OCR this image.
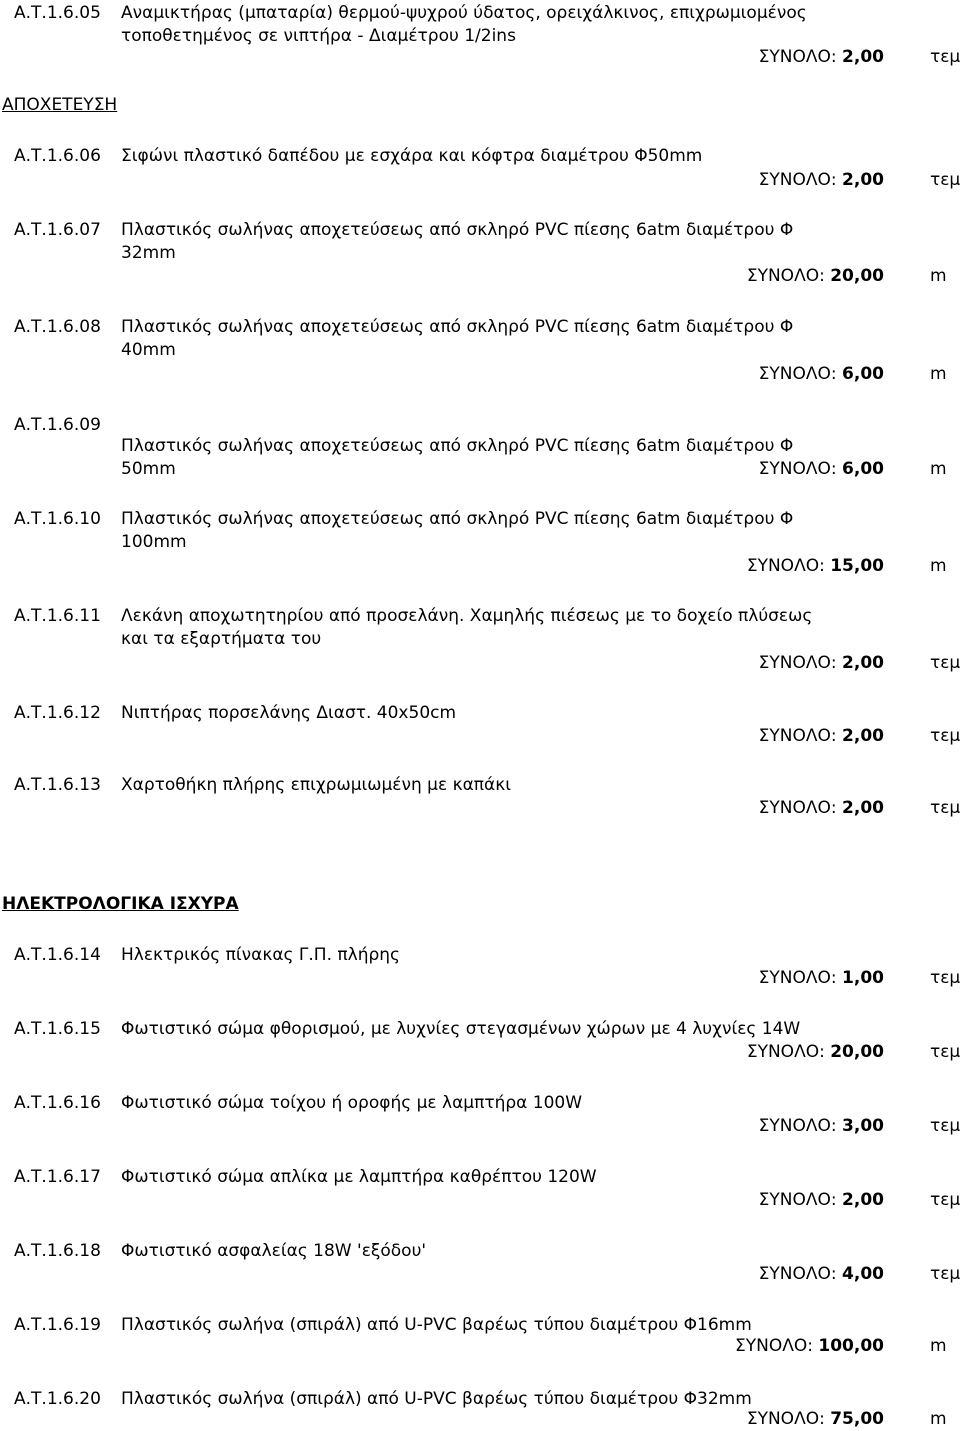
ΑΠΟΧΕΤΕΥΣΗ
ΗΛΕΚΤΡΟΛΟΓΙΚΑ ΙΣΧΥΡΑ
Α.Τ.1.6.05 Αναμικτήρας (μπαταρία) θερμού-ψυχρού ύδατος, ορειχάλκινος, επιχρωμιομένος τοποθετημένος σε νιπτήρα - Διαμέτρου 1/2ins
ΣΥΝΟΛΟ: 2,00	τεμ
Α.Τ.1.6.06 Σιφώνι πλαστικό δαπέδου με εσχάρα και κόφτρα διαμέτρου Φ50mm
ΣΥΝΟΛΟ: 2,00	τεμ
Α.Τ.1.6.07 Πλαστικός σωλήνας αποχετεύσεως από σκληρό PVC πίεσης 6atm διαμέτρου Φ 32mm
ΣΥΝΟΛΟ: 20,00	m
Α.Τ.1.6.08 Πλαστικός σωλήνας αποχετεύσεως από σκληρό PVC πίεσης 6atm διαμέτρου Φ 40mm
ΣΥΝΟΛΟ: 6,00	m
Α.Τ.1.6.09
Πλαστικός σωλήνας αποχετεύσεως από σκληρό PVC πίεσης 6atm διαμέτρου Φ 50mm	ΣΥΝΟΛΟ: 6,00	m
Α.Τ.1.6.10 Πλαστικός σωλήνας αποχετεύσεως από σκληρό PVC πίεσης 6atm διαμέτρου Φ 100mm
ΣΥΝΟΛΟ: 15,00	m
Α.Τ.1.6.11 Λεκάνη αποχωτητηρίου από προσελάνη. Χαμηλής πιέσεως με το δοχείο πλύσεως και τα εξαρτήματα του
ΣΥΝΟΛΟ: 2,00	τεμ
Α.Τ.1.6.12 Νιπτήρας πορσελάνης Διαστ. 40x50cm
ΣΥΝΟΛΟ: 2,00	τεμ
Α.Τ.1.6.13 Χαρτοθήκη πλήρης επιχρωμιωμένη με καπάκι
ΣΥΝΟΛΟ: 2,00	τεμ
Α.Τ.1.6.14 Ηλεκτρικός πίνακας Γ.Π. πλήρης
ΣΥΝΟΛΟ: 1,00	τεμ
Α.Τ.1.6.15 Φωτιστικό σώμα φθορισμού, με λυχνίες στεγασμένων χώρων με 4 λυχνίες 14W
ΣΥΝΟΛΟ: 20,00	τεμ
Α.Τ.1.6.16 Φωτιστικό σώμα τοίχου ή οροφής με λαμπτήρα 100W
ΣΥΝΟΛΟ: 3,00	τεμ
Α.Τ.1.6.17 Φωτιστικό σώμα απλίκα με λαμπτήρα καθρέπτου 120W
ΣΥΝΟΛΟ: 2,00	τεμ
Α.Τ.1.6.18 Φωτιστικό ασφαλείας 18W 'εξόδου'
ΣΥΝΟΛΟ: 4,00	τεμ
Α.Τ.1.6.19 Πλαστικός σωλήνα (σπιράλ) από U-PVC βαρέως τύπου διαμέτρου Φ16mm
ΣΥΝΟΛΟ: 100,00	m
Α.Τ.1.6.20 Πλαστικός σωλήνα (σπιράλ) από U-PVC βαρέως τύπου διαμέτρου Φ32mm
ΣΥΝΟΛΟ: 75,00	m
